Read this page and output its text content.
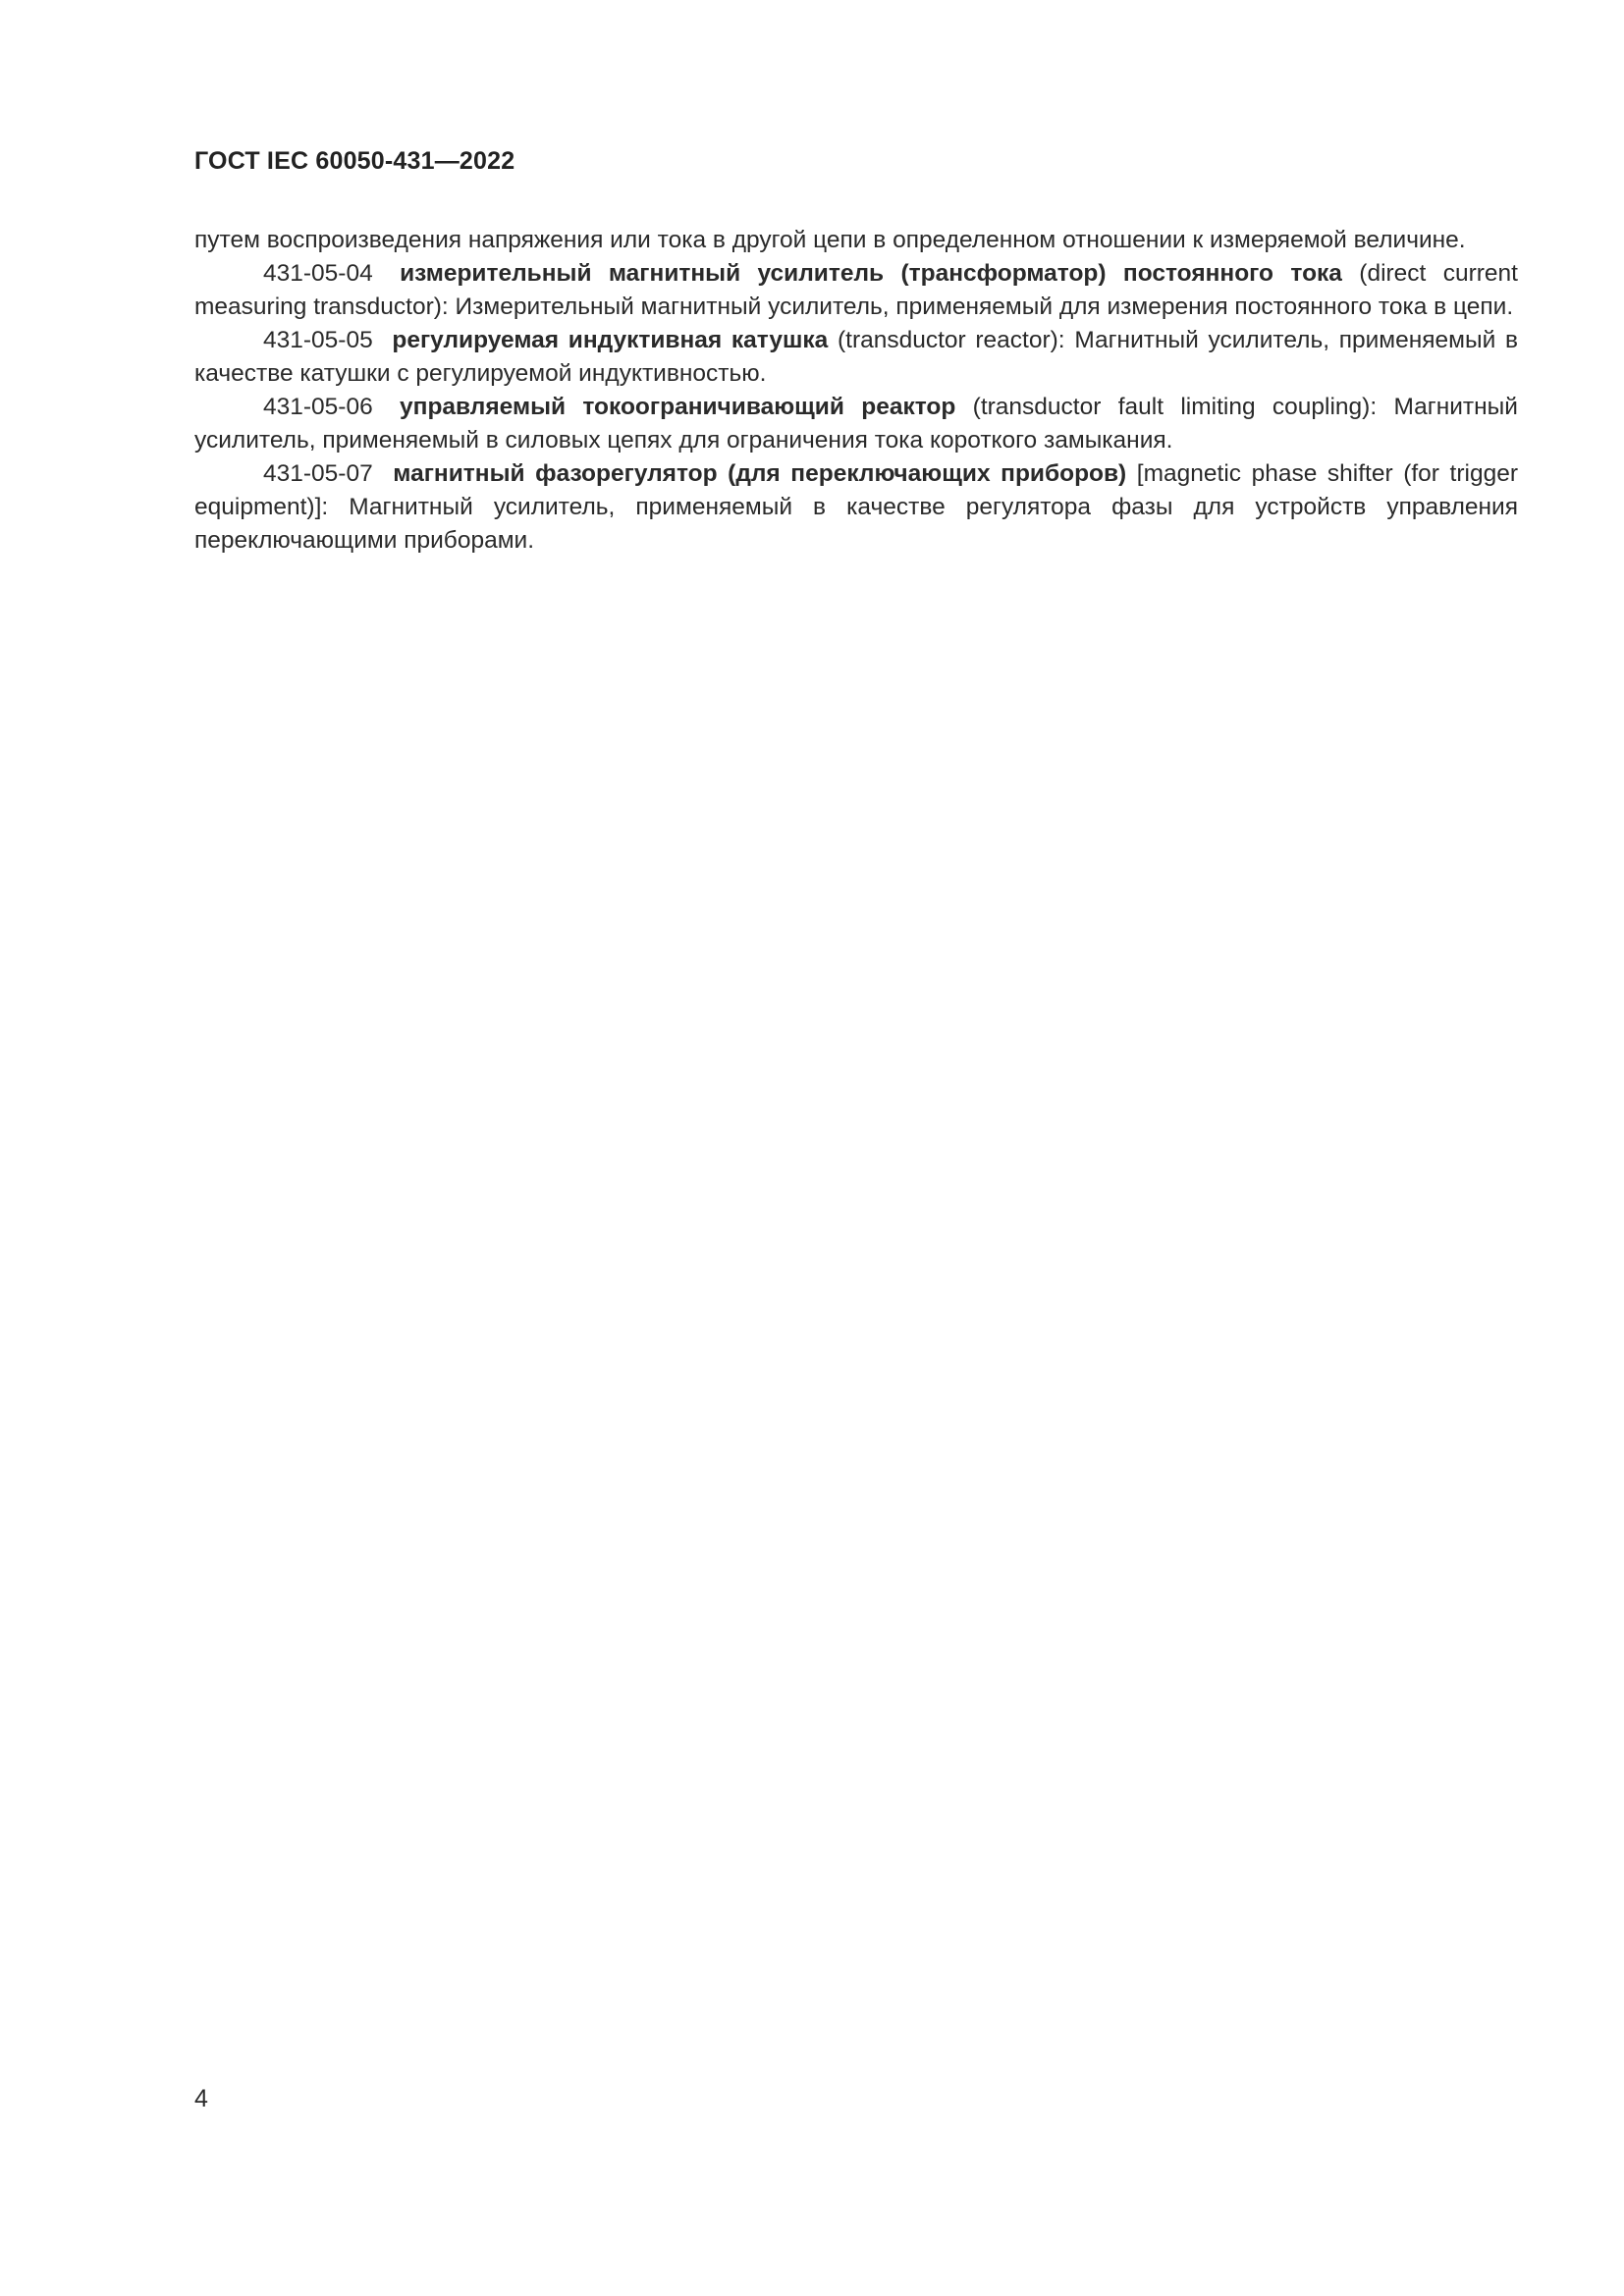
ГОСТ IEC 60050-431—2022

путем воспроизведения напряжения или тока в другой цепи в определенном отношении к измеряемой величине.

431-05-04 измерительный магнитный усилитель (трансформатор) постоянного тока (direct current measuring transductor): Измерительный магнитный усилитель, применяемый для измерения постоянного тока в цепи.

431-05-05 регулируемая индуктивная катушка (transductor reactor): Магнитный усилитель, применяемый в качестве катушки с регулируемой индуктивностью.

431-05-06 управляемый токоограничивающий реактор (transductor fault limiting coupling): Магнитный усилитель, применяемый в силовых цепях для ограничения тока короткого замыкания.

431-05-07 магнитный фазорегулятор (для переключающих приборов) [magnetic phase shifter (for trigger equipment)]: Магнитный усилитель, применяемый в качестве регулятора фазы для устройств управления переключающими приборами.

4
